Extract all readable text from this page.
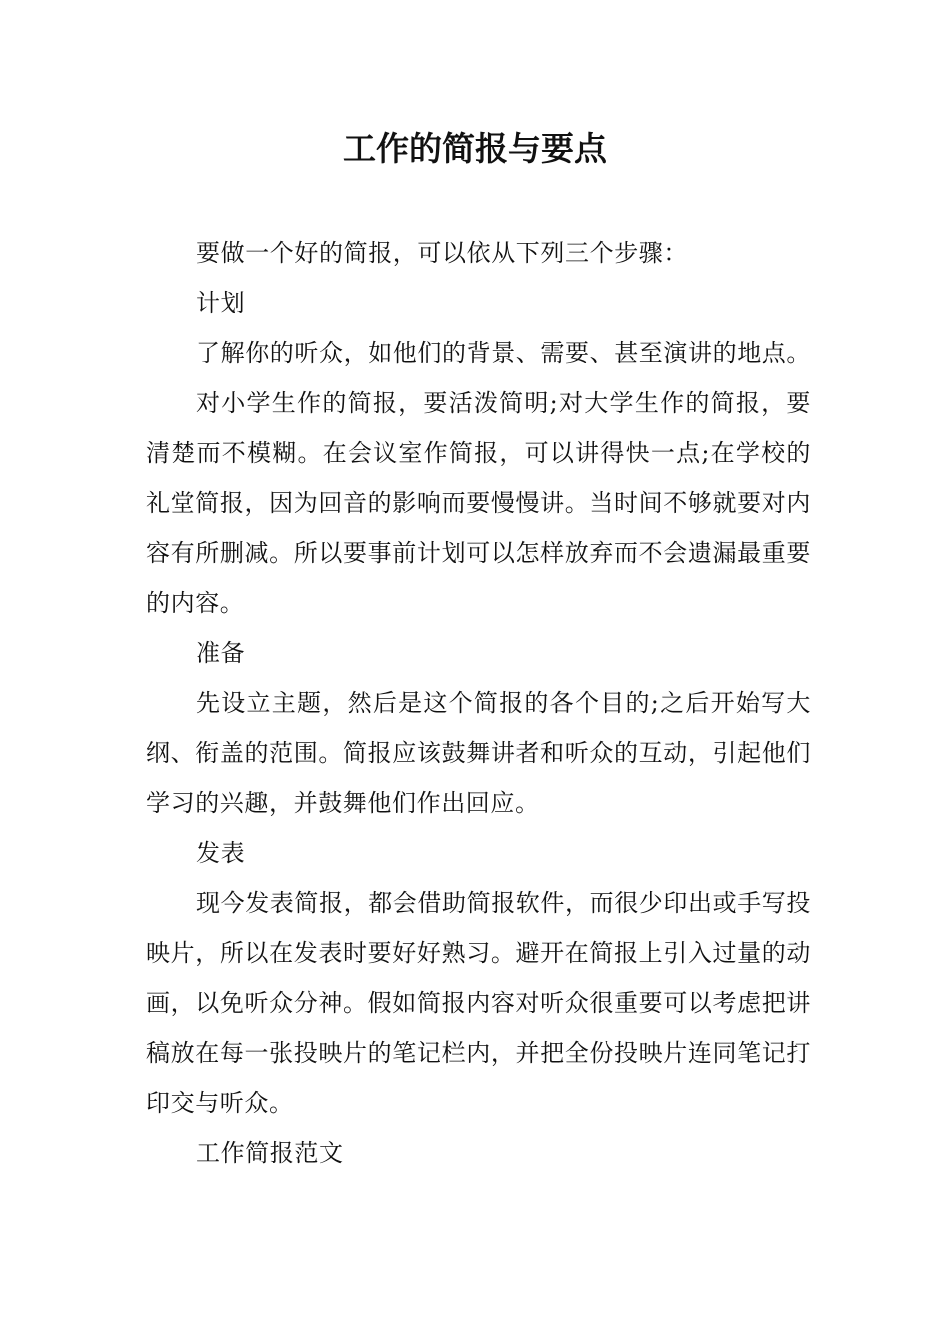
工作的简报与要点

要做一个好的简报，可以依从下列三个步骤：

计划

了解你的听众，如他们的背景、需要、甚至演讲的地点。

对小学生作的简报，要活泼简明;对大学生作的简报，要清楚而不模糊。在会议室作简报，可以讲得快一点;在学校的礼堂简报，因为回音的影响而要慢慢讲。当时间不够就要对内容有所删减。所以要事前计划可以怎样放弃而不会遗漏最重要的内容。

准备

先设立主题，然后是这个简报的各个目的;之后开始写大纲、衔盖的范围。简报应该鼓舞讲者和听众的互动，引起他们学习的兴趣，并鼓舞他们作出回应。

发表

现今发表简报，都会借助简报软件，而很少印出或手写投映片，所以在发表时要好好熟习。避开在简报上引入过量的动画，以免听众分神。假如简报内容对听众很重要可以考虑把讲稿放在每一张投映片的笔记栏内，并把全份投映片连同笔记打印交与听众。

工作简报范文
